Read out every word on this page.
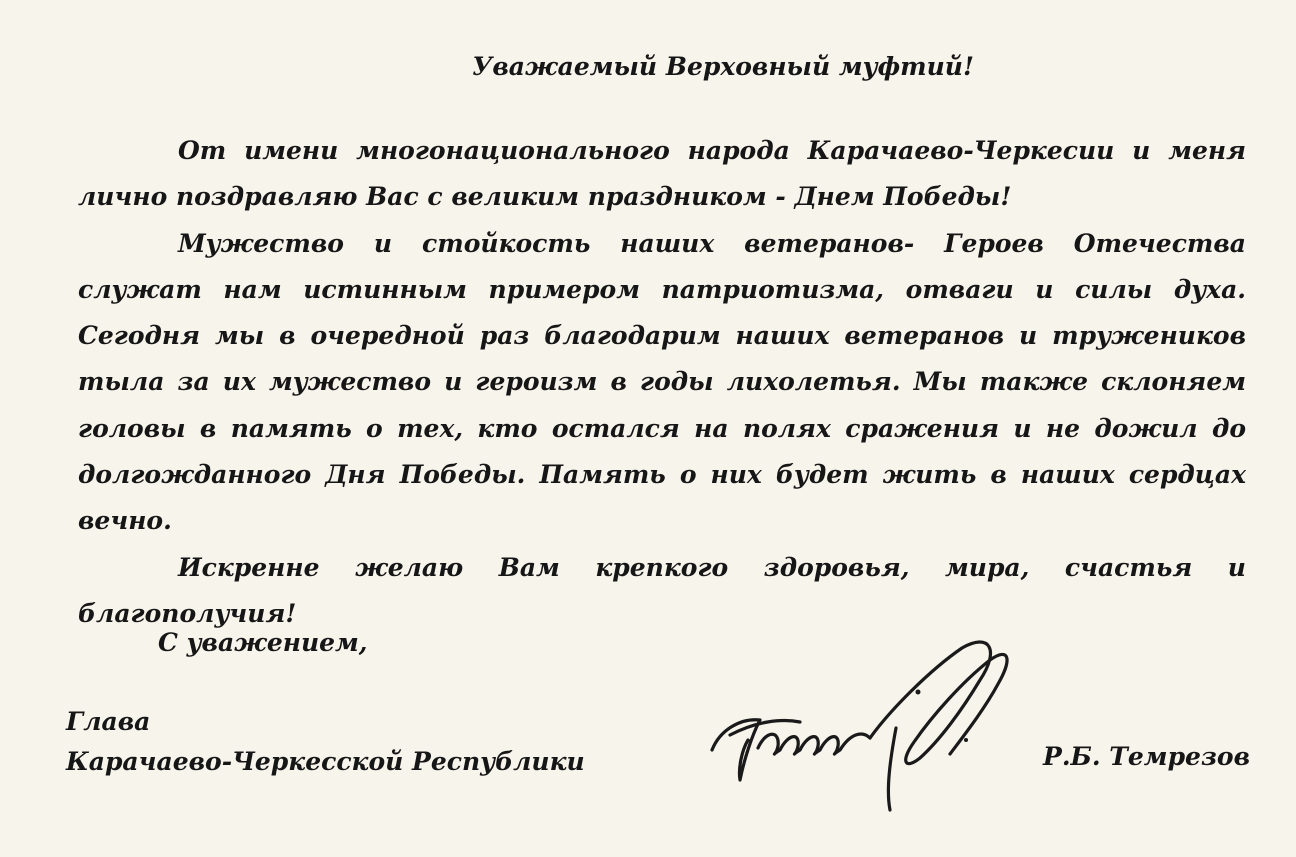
Уважаемый Верховный муфтий!

От имени многонационального народа Карачаево-Черкесии и меня лично поздравляю Вас с великим праздником - Днем Победы!

Мужество и стойкость наших ветеранов- Героев Отечества служат нам истинным примером патриотизма, отваги и силы духа. Сегодня мы в очередной раз благодарим наших ветеранов и тружеников тыла за их мужество и героизм в годы лихолетья. Мы также склоняем головы в память о тех, кто остался на полях сражения и не дожил до долгожданного Дня Победы. Память о них будет жить в наших сердцах вечно.

Искренне желаю Вам крепкого здоровья, мира, счастья и благополучия!

С уважением,
Глава
Карачаево-Черкесской Республики	Р.Б. Темрезов
